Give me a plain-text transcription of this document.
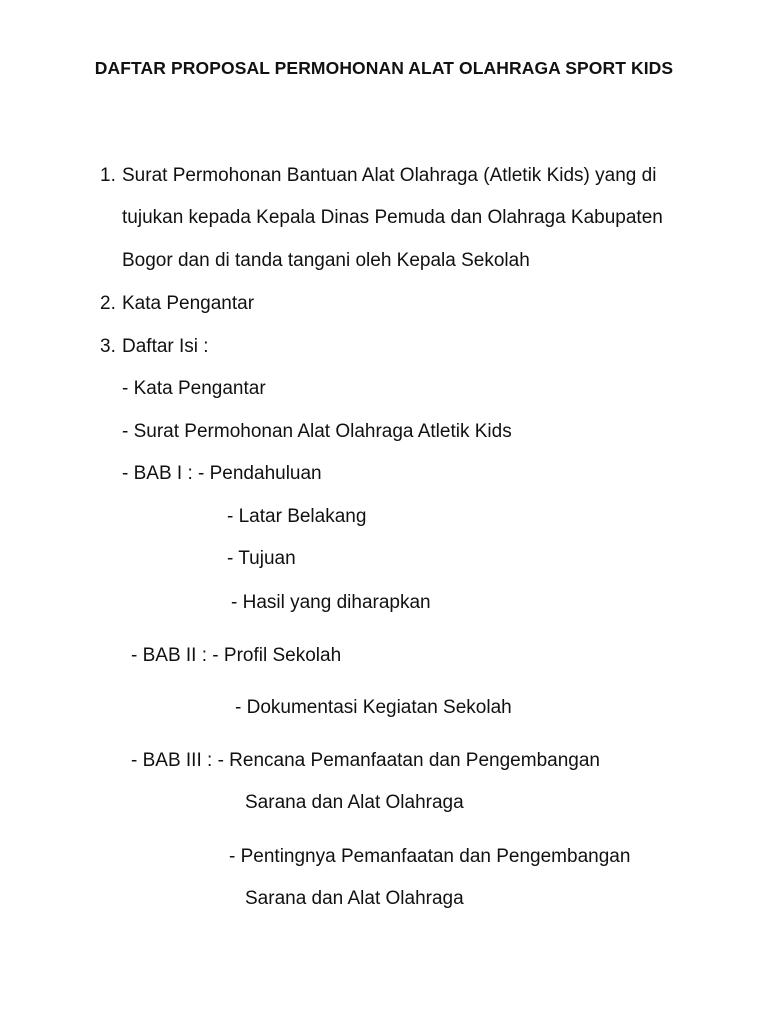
DAFTAR PROPOSAL PERMOHONAN ALAT OLAHRAGA SPORT KIDS
1. Surat Permohonan Bantuan Alat Olahraga (Atletik Kids) yang di
tujukan kepada Kepala Dinas Pemuda dan Olahraga Kabupaten
Bogor dan di tanda tangani oleh Kepala Sekolah
2. Kata Pengantar
3. Daftar Isi :
- Kata Pengantar
- Surat Permohonan Alat Olahraga Atletik Kids
- BAB I : - Pendahuluan
- Latar Belakang
- Tujuan
- Hasil yang diharapkan
- BAB II : - Profil Sekolah
- Dokumentasi Kegiatan Sekolah
- BAB III : - Rencana Pemanfaatan dan Pengembangan
Sarana dan Alat Olahraga
- Pentingnya Pemanfaatan dan Pengembangan
Sarana dan Alat Olahraga
